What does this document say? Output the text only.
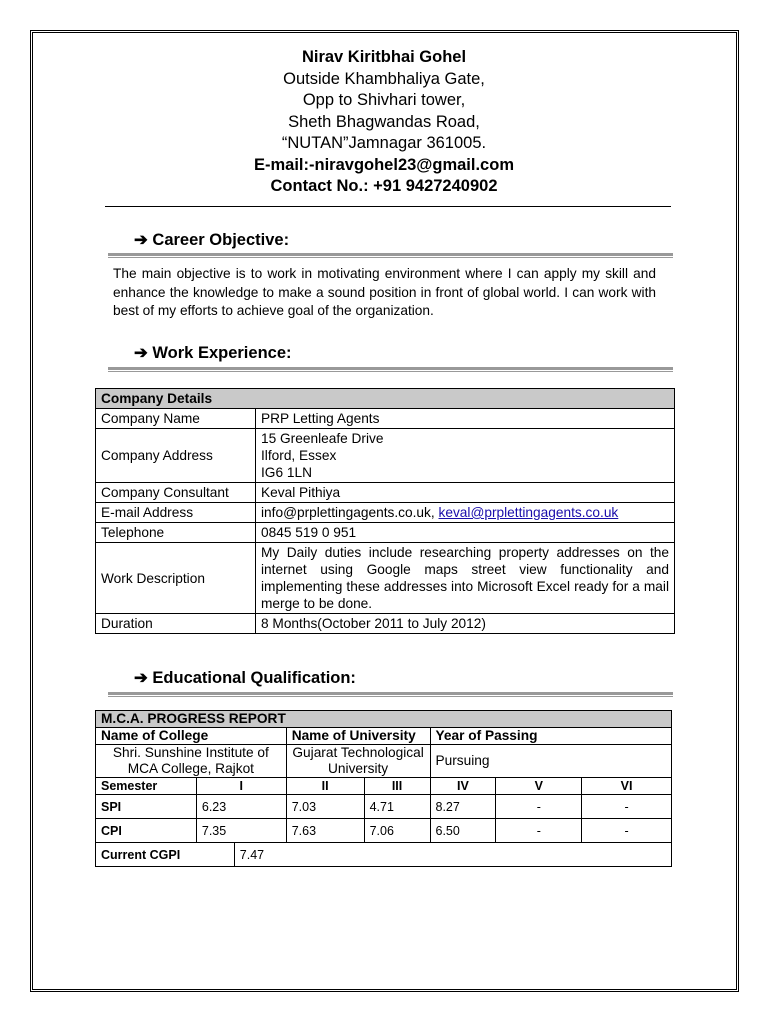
Nirav Kiritbhai Gohel
Outside Khambhaliya Gate,
Opp to Shivhari tower,
Sheth Bhagwandas Road,
“NUTAN”Jamnagar 361005.
E-mail:-niravgohel23@gmail.com
Contact No.: +91 9427240902
➔ Career Objective:
The main objective is to work in motivating environment where I can apply my skill and enhance the knowledge to make a sound position in front of global world. I can work with best of my efforts to achieve goal of the organization.
➔ Work Experience:
Company Details	
Company Name	PRP Letting Agents
Company Address	15 Greenleafe Drive
Ilford, Essex
IG6 1LN

Company Consultant	Keval Pithiya
E-mail Address	info@prplettingagents.co.uk, keval@prplettingagents.co.uk
Telephone	0845 519 0 951
Work Description	My Daily duties include researching property addresses on the internet using Google maps street view functionality and implementing these addresses into Microsoft Excel ready for a mail merge to be done.
Duration	8 Months(October 2011 to July 2012)
➔ Educational Qualification:
M.C.A. PROGRESS REPORT							
Name of College			Name of University		Year of Passing		
Shri. Sunshine Institute of MCA College, Rajkot			Gujarat Technological University		Pursuing		
Semester	I		II	III	IV	V	VI
SPI	6.23		7.03	4.71	8.27	-	-
CPI	7.35		7.63	7.06	6.50	-	-
Current CGPI		7.47					
